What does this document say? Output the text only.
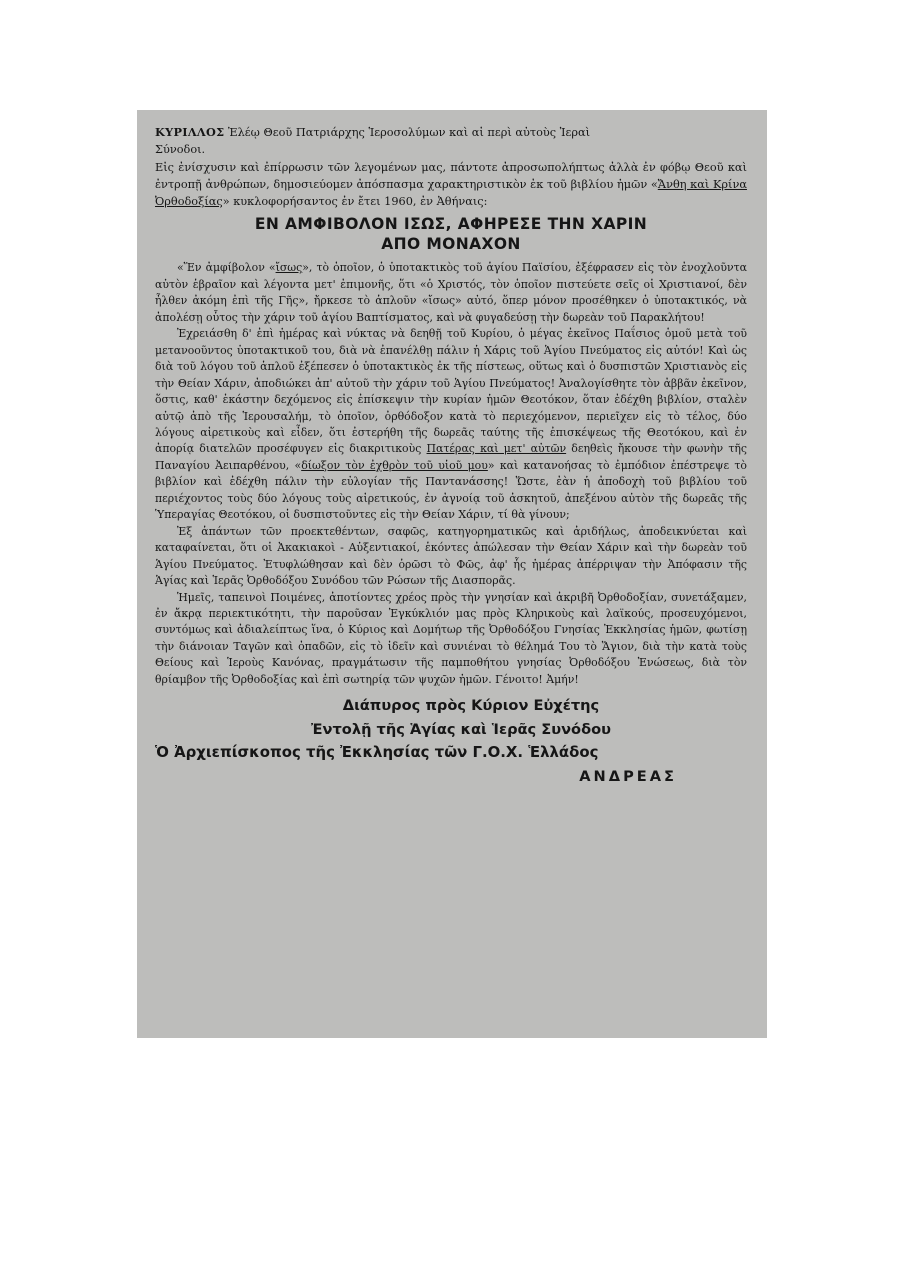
ΚΥΡΙΛΛΟΣ Ἐλέῳ Θεοῦ Πατριάρχης Ἱεροσολύμων καὶ αἱ περὶ αὐτοὺς Ἱεραὶ

Σύνοδοι.

Εἰς ἐνίσχυσιν καὶ ἐπίρρωσιν τῶν λεγομένων μας, πάντοτε ἀπροσωπολήπτως ἀλλὰ ἐν φόβῳ Θεοῦ καὶ ἐντροπῇ ἀνθρώπων, δημοσιεύομεν ἀπόσπασμα χαρακτηριστικὸν ἐκ τοῦ βιβλίου ἡμῶν «Ἄνθη καὶ Κρίνα Ὀρθοδοξίας» κυκλοφορήσαντος ἐν ἔτει 1960, ἐν Ἀθήναις:

ΕΝ ΑΜΦΙΒΟΛΟΝ ΙΣΩΣ, ΑΦΗΡΕΣΕ ΤΗΝ ΧΑΡΙΝ
ΑΠΟ ΜΟΝΑΧΟΝ

«Ἕν ἀμφίβολον «ἴσως», τὸ ὁποῖον, ὁ ὑποτακτικὸς τοῦ ἁγίου Παϊσίου, ἐξέφρασεν εἰς τὸν ἐνοχλοῦντα αὐτὸν ἑβραῖον καὶ λέγοντα μετ' ἐπιμονῆς, ὅτι «ὁ Χριστός, τὸν ὁποῖον πιστεύετε σεῖς οἱ Χριστιανοί, δὲν ἦλθεν ἀκόμη ἐπὶ τῆς Γῆς», ἤρκεσε τὸ ἁπλοῦν «ἴσως» αὐτό, ὅπερ μόνον προσέθηκεν ὁ ὑποτακτικός, νὰ ἀπολέσῃ οὗτος τὴν χάριν τοῦ ἁγίου Βαπτίσματος, καὶ νὰ φυγαδεύσῃ τὴν δωρεὰν τοῦ Παρακλήτου!

Ἐχρειάσθη δ' ἐπὶ ἡμέρας καὶ νύκτας νὰ δεηθῇ τοῦ Κυρίου, ὁ μέγας ἐκεῖνος Παΐσιος ὁμοῦ μετὰ τοῦ μετανοοῦντος ὑποτακτικοῦ του, διὰ νὰ ἐπανέλθῃ πάλιν ἡ Χάρις τοῦ Ἁγίου Πνεύματος εἰς αὐτόν! Καὶ ὡς διὰ τοῦ λόγου τοῦ ἁπλοῦ ἐξέπεσεν ὁ ὑποτακτικὸς ἐκ τῆς πίστεως, οὕτως καὶ ὁ δυσπιστῶν Χριστιανὸς εἰς τὴν Θείαν Χάριν, ἀποδιώκει ἀπ' αὐτοῦ τὴν χάριν τοῦ Ἁγίου Πνεύματος! Ἀναλογίσθητε τὸν ἀββᾶν ἐκεῖνον, ὅστις, καθ' ἑκάστην δεχόμενος εἰς ἐπίσκεψιν τὴν κυρίαν ἡμῶν Θεοτόκον, ὅταν ἐδέχθη βιβλίον, σταλὲν αὐτῷ ἀπὸ τῆς Ἱερουσαλήμ, τὸ ὁποῖον, ὀρθόδοξον κατὰ τὸ περιεχόμενον, περιεῖχεν εἰς τὸ τέλος, δύο λόγους αἱρετικοὺς καὶ εἶδεν, ὅτι ἐστερήθη τῆς δωρεᾶς ταύτης τῆς ἐπισκέψεως τῆς Θεοτόκου, καὶ ἐν ἀπορίᾳ διατελῶν προσέφυγεν εἰς διακριτικοὺς Πατέρας καὶ μετ' αὐτῶν δεηθεὶς ἤκουσε τὴν φωνὴν τῆς Παναγίου Ἀειπαρθένου, «δίωξον τὸν ἐχθρὸν τοῦ υἱοῦ μου» καὶ κατανοήσας τὸ ἐμπόδιον ἐπέστρεψε τὸ βιβλίον καὶ ἐδέχθη πάλιν τὴν εὐλογίαν τῆς Παντανάσσης! Ὥστε, ἐὰν ἡ ἀποδοχὴ τοῦ βιβλίου τοῦ περιέχοντος τοὺς δύο λόγους τοὺς αἱρετικούς, ἐν ἀγνοίᾳ τοῦ ἀσκητοῦ, ἀπεξένου αὐτὸν τῆς δωρεᾶς τῆς Ὑπεραγίας Θεοτόκου, οἱ δυσπιστοῦντες εἰς τὴν Θείαν Χάριν, τί θὰ γίνουν;

Ἐξ ἁπάντων τῶν προεκτεθέντων, σαφῶς, κατηγορηματικῶς καὶ ἀριδήλως, ἀποδεικνύεται καὶ καταφαίνεται, ὅτι οἱ Ἀκακιακοὶ - Αὐξεντιακοί, ἑκόντες ἀπώλεσαν τὴν Θείαν Χάριν καὶ τὴν δωρεὰν τοῦ Ἁγίου Πνεύματος. Ἐτυφλώθησαν καὶ δὲν ὁρῶσι τὸ Φῶς, ἀφ' ἧς ἡμέρας ἀπέρριψαν τὴν Ἀπόφασιν τῆς Ἁγίας καὶ Ἱερᾶς Ὀρθοδόξου Συνόδου τῶν Ρώσων τῆς Διασπορᾶς.

Ἡμεῖς, ταπεινοὶ Ποιμένες, ἀποτίοντες χρέος πρὸς τὴν γνησίαν καὶ ἀκριβῆ Ὀρθοδοξίαν, συνετάξαμεν, ἐν ἄκρᾳ περιεκτικότητι, τὴν παροῦσαν Ἐγκύκλιόν μας πρὸς Κληρικοὺς καὶ λαϊκούς, προσευχόμενοι, συντόμως καὶ ἀδιαλείπτως ἵνα, ὁ Κύριος καὶ Δομήτωρ τῆς Ὀρθοδόξου Γνησίας Ἐκκλησίας ἡμῶν, φωτίσῃ τὴν διάνοιαν Ταγῶν καὶ ὀπαδῶν, εἰς τὸ ἰδεῖν καὶ συνιέναι τὸ θέλημά Του τὸ Ἅγιον, διὰ τὴν κατὰ τοὺς Θείους καὶ Ἱεροὺς Κανόνας, πραγμάτωσιν τῆς παμποθήτου γνησίας Ὀρθοδόξου Ἑνώσεως, διὰ τὸν θρίαμβον τῆς Ὀρθοδοξίας καὶ ἐπὶ σωτηρίᾳ τῶν ψυχῶν ἡμῶν. Γένοιτο! Ἀμήν!

Διάπυρος πρὸς Κύριον Εὐχέτης

Ἐντολῇ τῆς Ἁγίας καὶ Ἱερᾶς Συνόδου

Ὁ Ἀρχιεπίσκοπος τῆς Ἐκκλησίας τῶν Γ.Ο.Χ. Ἑλλάδος

ΑΝΔΡΕΑΣ
